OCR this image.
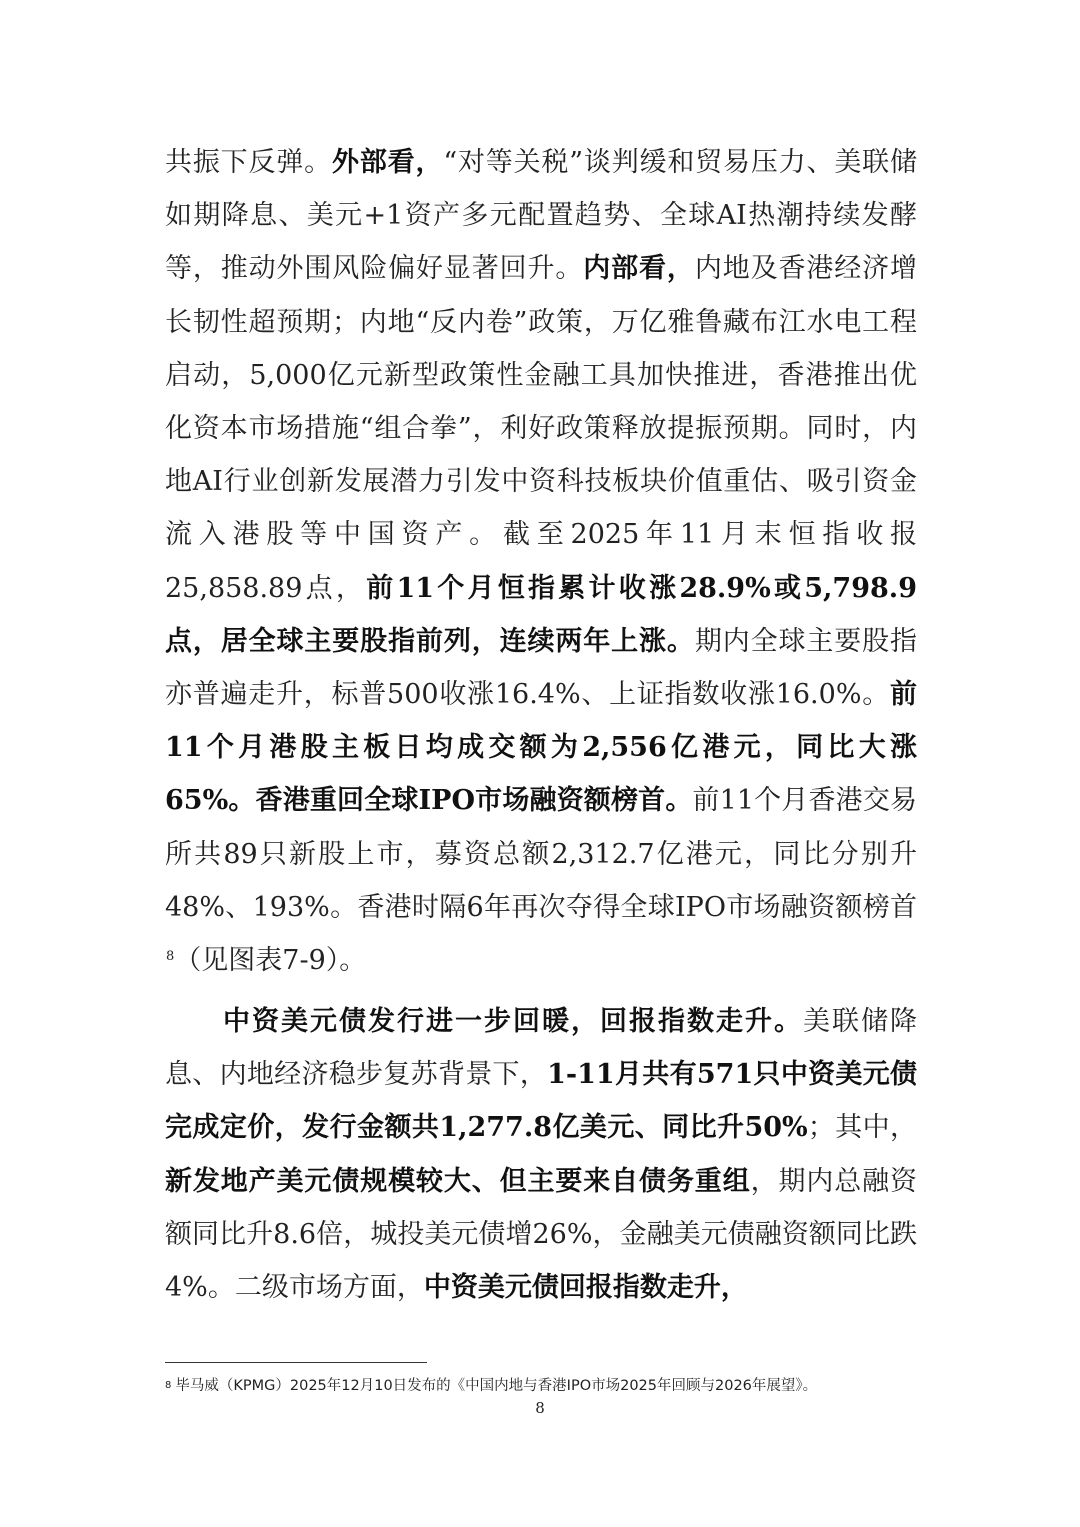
共振下反弹。外部看，“对等关税”谈判缓和贸易压力、美联储如期降息、美元+1资产多元配置趋势、全球AI热潮持续发酵等，推动外围风险偏好显著回升。内部看，内地及香港经济增长韧性超预期；内地“反内卷”政策，万亿雅鲁藏布江水电工程启动，5,000亿元新型政策性金融工具加快推进，香港推出优化资本市场措施“组合拳”，利好政策释放提振预期。同时，内地AI行业创新发展潜力引发中资科技板块价值重估、吸引资金流入港股等中国资产。截至2025年11月末恒指收报25,858.89点，前11个月恒指累计收涨28.9%或5,798.9点，居全球主要股指前列，连续两年上涨。期内全球主要股指亦普遍走升，标普500收涨16.4%、上证指数收涨16.0%。前11个月港股主板日均成交额为2,556亿港元，同比大涨65%。香港重回全球IPO市场融资额榜首。前11个月香港交易所共89只新股上市，募资总额2,312.7亿港元，同比分别升48%、193%。香港时隔6年再次夺得全球IPO市场融资额榜首$^8$（见图表7-9）。

中资美元债发行进一步回暖，回报指数走升。美联储降息、内地经济稳步复苏背景下，1-11月共有571只中资美元债完成定价，发行金额共1,277.8亿美元、同比升50%；其中，新发地产美元债规模较大、但主要来自债务重组，期内总融资额同比升8.6倍，城投美元债增26%，金融美元债融资额同比跌4%。二级市场方面，中资美元债回报指数走升，

$^8$ 毕马威（KPMG）2025年12月10日发布的《中国内地与香港IPO市场2025年回顾与2026年展望》。
8
